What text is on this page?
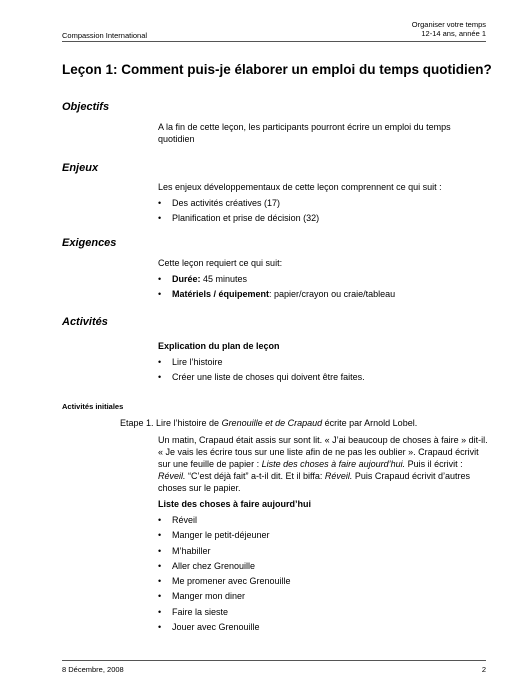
Compassion International
Organiser votre temps
12-14 ans, année 1
Leçon 1: Comment puis-je élaborer un emploi du temps quotidien?
Objectifs

A la fin de cette leçon, les participants pourront écrire un emploi du temps quotidien

Enjeux
Les enjeux développementaux de cette leçon comprennent ce qui suit :
• Des activités créatives (17)
• Planification et prise de décision (32)
Exigences
Cette leçon requiert ce qui suit:
• Durée: 45 minutes
• Matériels / équipement: papier/crayon ou craie/tableau
Activités
Explication du plan de leçon
• Lire l’histoire
• Créer une liste de choses qui doivent être faites.
Activités initiales
Etape 1. Lire l’histoire de Grenouille et de Crapaud écrite par Arnold Lobel.
Un matin, Crapaud était assis sur sont lit. « J’ai beaucoup de choses à faire » dit-il. « Je vais les écrire tous sur une liste afin de ne pas les oublier ». Crapaud écrivit sur une feuille de papier : Liste des choses à faire aujourd’hui. Puis il écrivit : Réveil. “C’est déjà fait” a-t-il dit. Et il biffa: Réveil. Puis Crapaud écrivit d’autres choses sur le papier.
Liste des choses à faire aujourd’hui
• Réveil
• Manger le petit-déjeuner
• M’habiller
• Aller chez Grenouille
• Me promener avec Grenouille
• Manger mon diner
• Faire la sieste
• Jouer avec Grenouille
8 Décembre, 2008	2
